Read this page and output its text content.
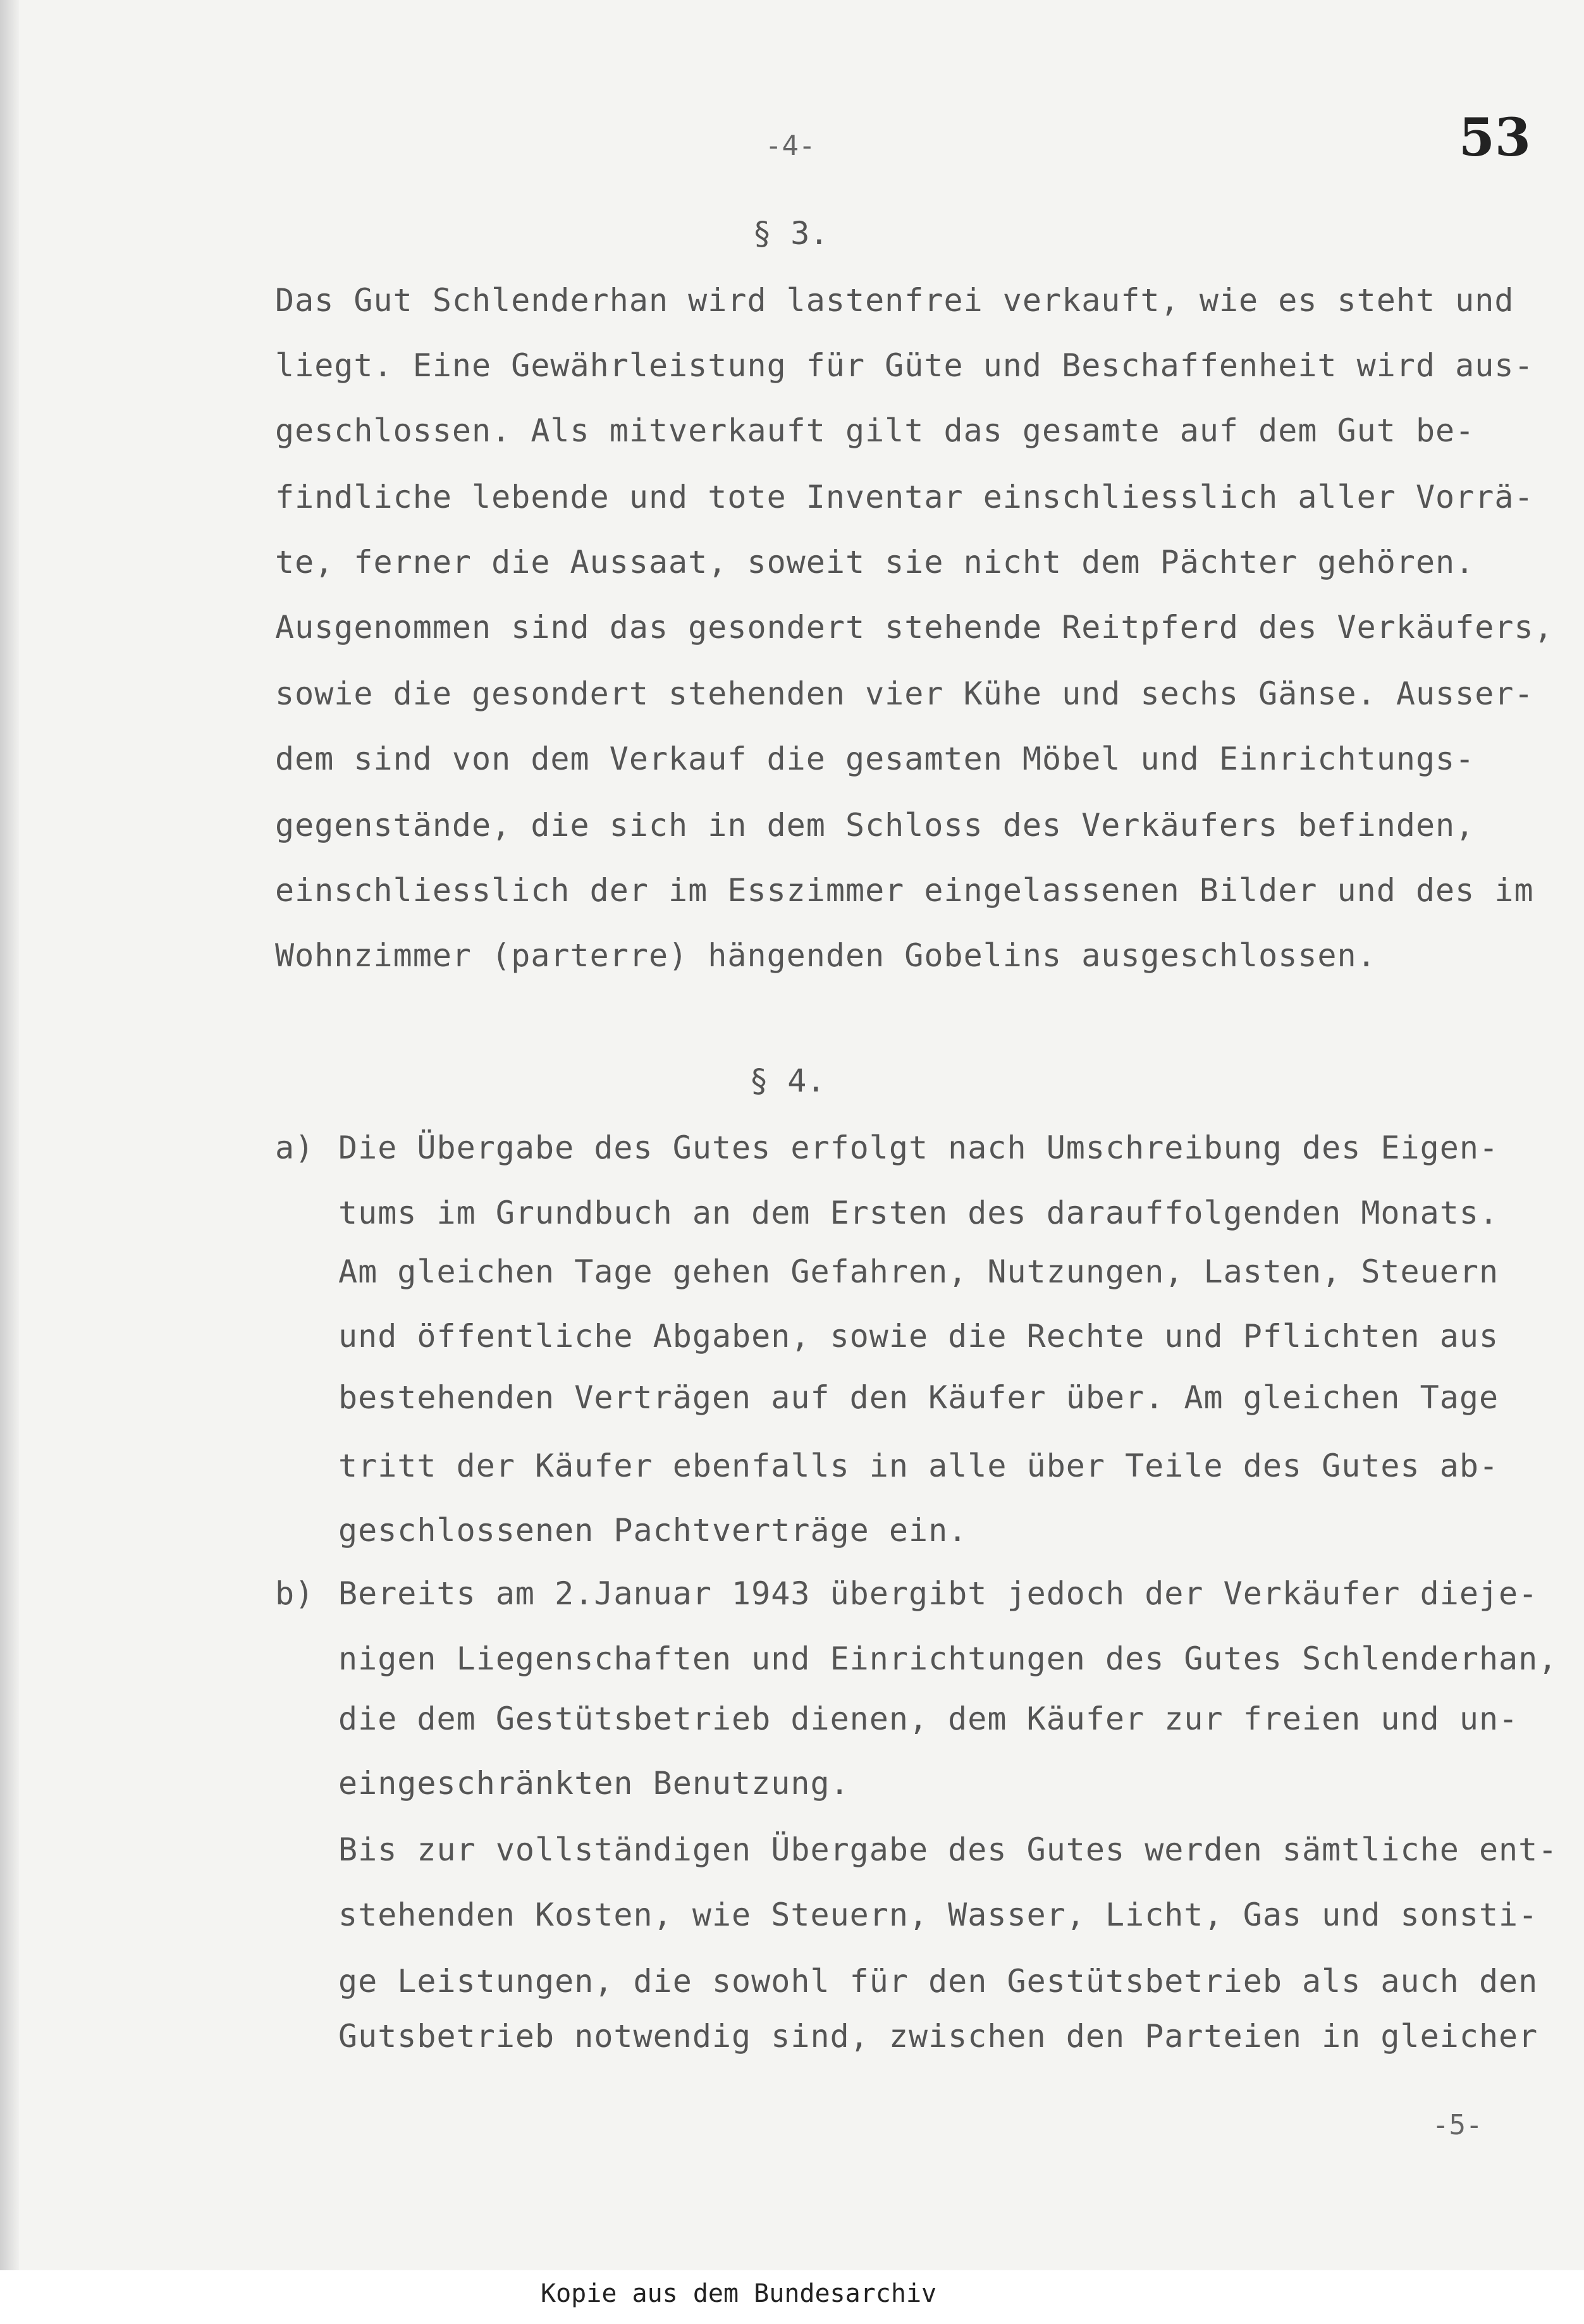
-4-	53
§ 3.
Das Gut Schlenderhan wird lastenfrei verkauft, wie es steht und
liegt. Eine Gewährleistung für Güte und Beschaffenheit wird aus-
geschlossen. Als mitverkauft gilt das gesamte auf dem Gut be-
findliche lebende und tote Inventar einschliesslich aller Vorrä-
te, ferner die Aussaat, soweit sie nicht dem Pächter gehören.
Ausgenommen sind das gesondert stehende Reitpferd des Verkäufers,
sowie die gesondert stehenden vier Kühe und sechs Gänse. Ausser-
dem sind von dem Verkauf die gesamten Möbel und Einrichtungs-
gegenstände, die sich in dem Schloss des Verkäufers befinden,
einschliesslich der im Esszimmer eingelassenen Bilder und des im
Wohnzimmer (parterre) hängenden Gobelins ausgeschlossen.
§ 4.
a) Die Übergabe des Gutes erfolgt nach Umschreibung des Eigen-
tums im Grundbuch an dem Ersten des darauffolgenden Monats.
Am gleichen Tage gehen Gefahren, Nutzungen, Lasten, Steuern
und öffentliche Abgaben, sowie die Rechte und Pflichten aus
bestehenden Verträgen auf den Käufer über. Am gleichen Tage
tritt der Käufer ebenfalls in alle über Teile des Gutes ab-
geschlossenen Pachtverträge ein.
b) Bereits am 2.Januar 1943 übergibt jedoch der Verkäufer dieje-
nigen Liegenschaften und Einrichtungen des Gutes Schlenderhan,
die dem Gestütsbetrieb dienen, dem Käufer zur freien und un-
eingeschränkten Benutzung.
Bis zur vollständigen Übergabe des Gutes werden sämtliche ent-
stehenden Kosten, wie Steuern, Wasser, Licht, Gas und sonsti-
ge Leistungen, die sowohl für den Gestütsbetrieb als auch den
Gutsbetrieb notwendig sind, zwischen den Parteien in gleicher
-5-
Kopie aus dem Bundesarchiv
